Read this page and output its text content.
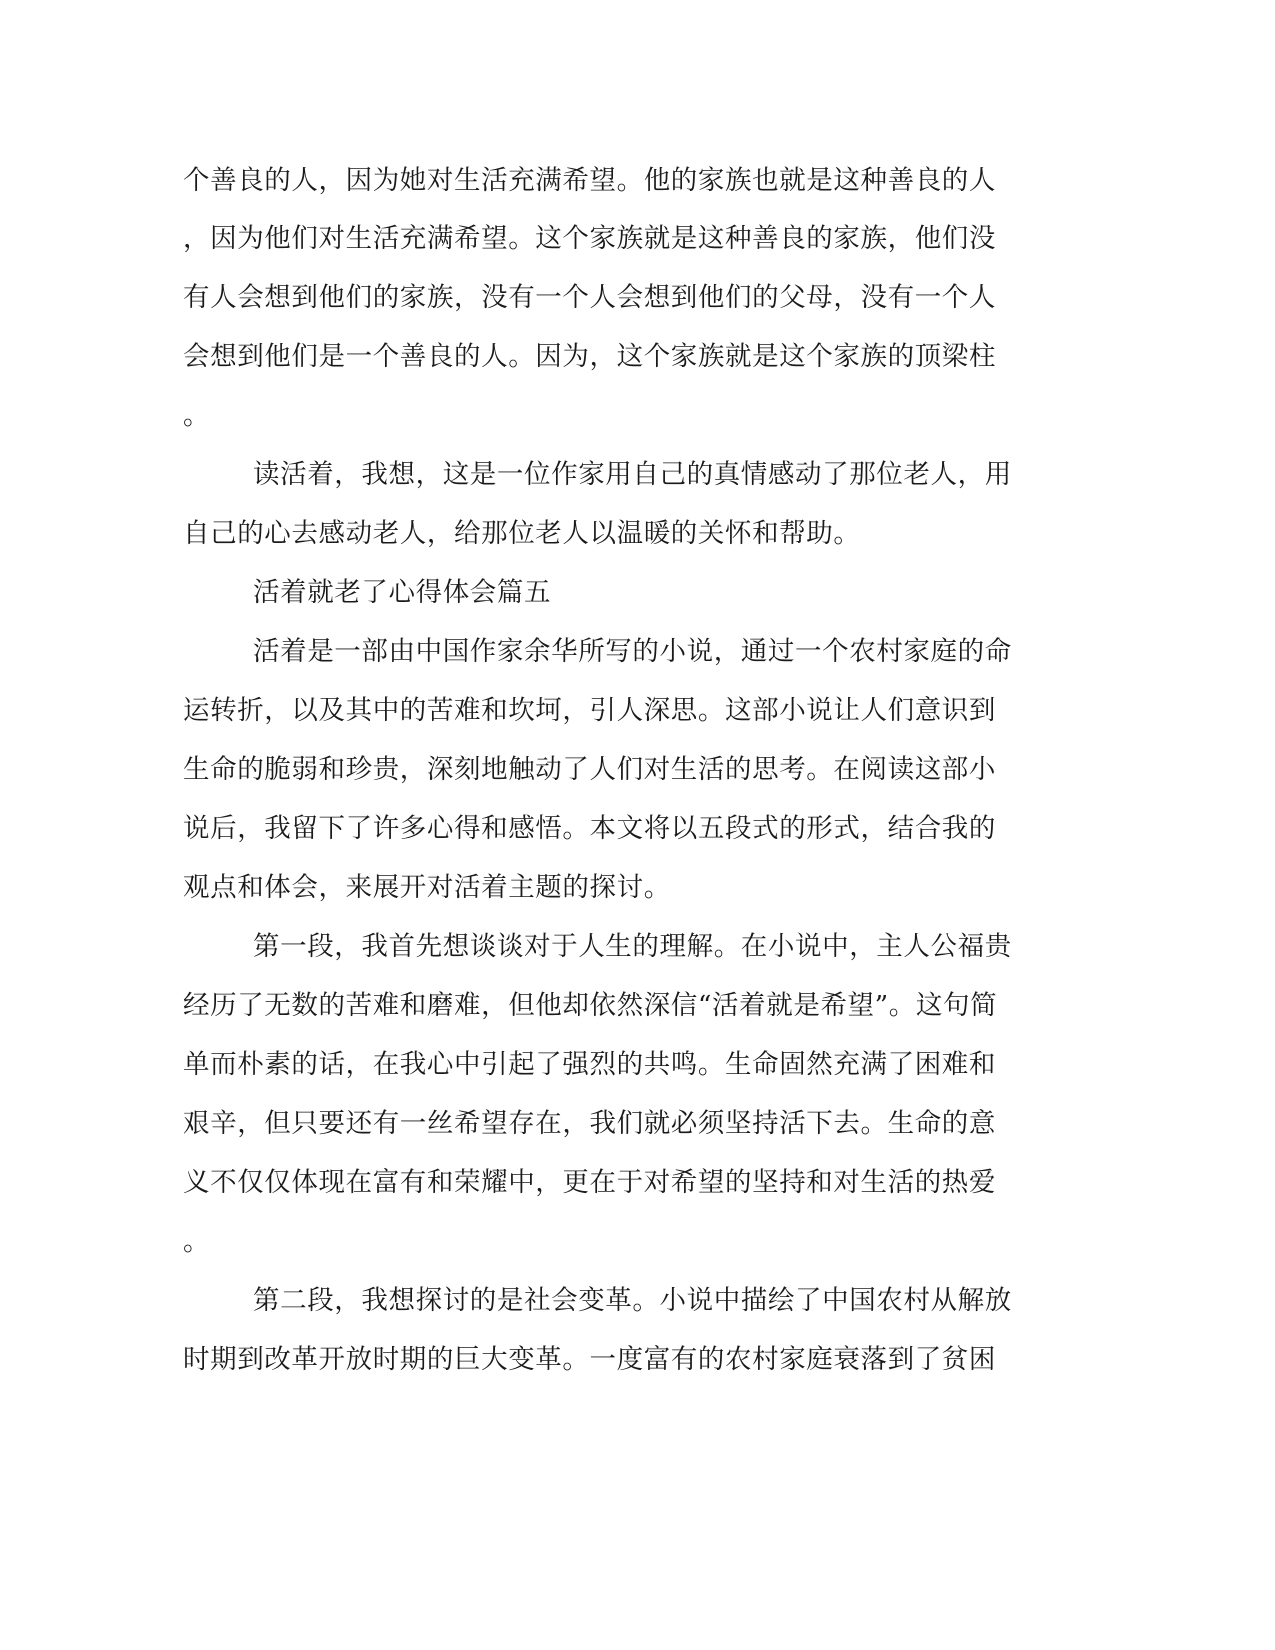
个善良的人，因为她对生活充满希望。他的家族也就是这种善良的人
，因为他们对生活充满希望。这个家族就是这种善良的家族，他们没
有人会想到他们的家族，没有一个人会想到他们的父母，没有一个人
会想到他们是一个善良的人。因为，这个家族就是这个家族的顶梁柱
。
读活着，我想，这是一位作家用自己的真情感动了那位老人，用
自己的心去感动老人，给那位老人以温暖的关怀和帮助。
活着就老了心得体会篇五
活着是一部由中国作家余华所写的小说，通过一个农村家庭的命
运转折，以及其中的苦难和坎坷，引人深思。这部小说让人们意识到
生命的脆弱和珍贵，深刻地触动了人们对生活的思考。在阅读这部小
说后，我留下了许多心得和感悟。本文将以五段式的形式，结合我的
观点和体会，来展开对活着主题的探讨。
第一段，我首先想谈谈对于人生的理解。在小说中，主人公福贵
经历了无数的苦难和磨难，但他却依然深信“活着就是希望”。这句简
单而朴素的话，在我心中引起了强烈的共鸣。生命固然充满了困难和
艰辛，但只要还有一丝希望存在，我们就必须坚持活下去。生命的意
义不仅仅体现在富有和荣耀中，更在于对希望的坚持和对生活的热爱
。
第二段，我想探讨的是社会变革。小说中描绘了中国农村从解放
时期到改革开放时期的巨大变革。一度富有的农村家庭衰落到了贫困
